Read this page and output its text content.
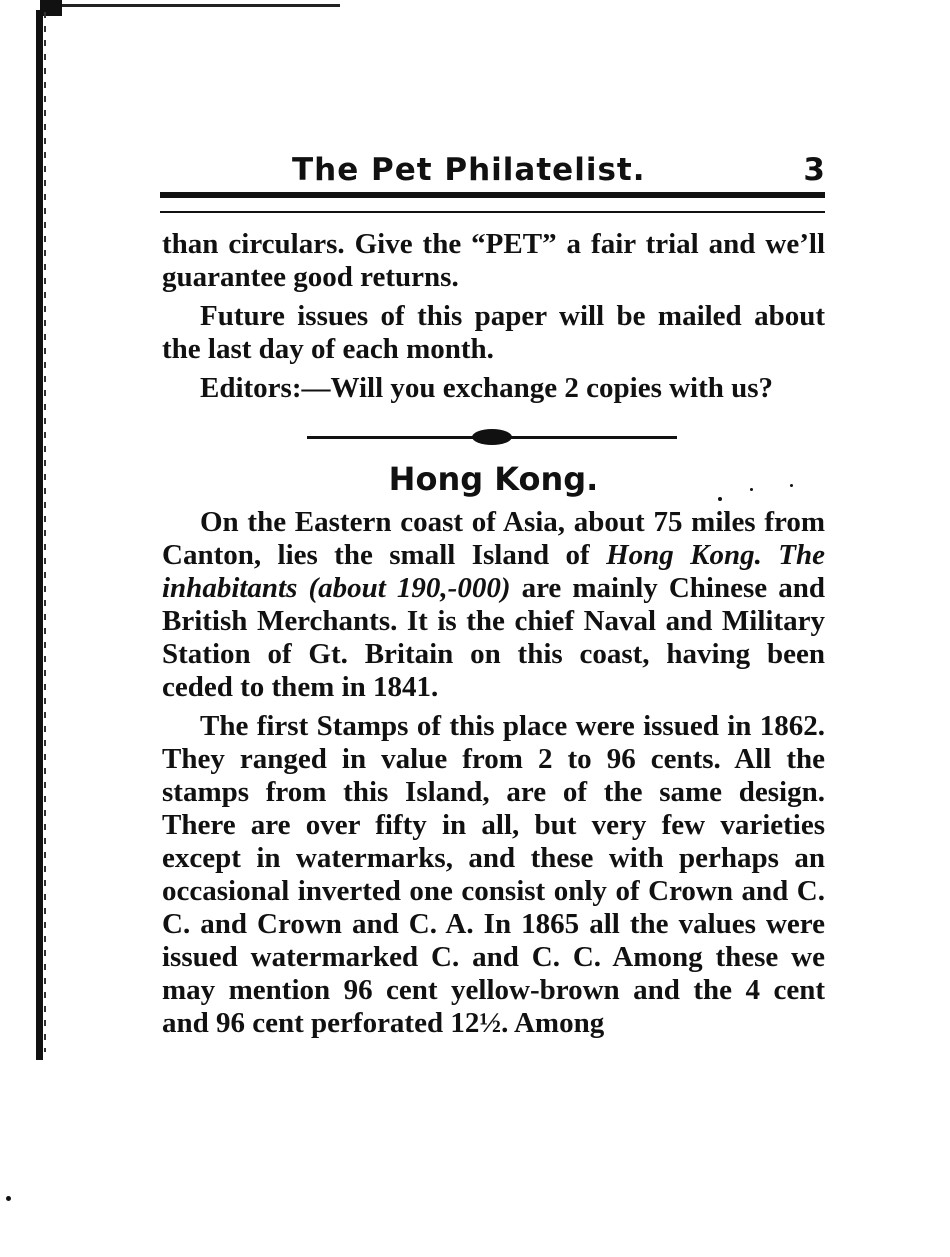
The Pet Philatelist.	3

than circulars. Give the “PET” a fair trial and we’ll guarantee good returns.

Future issues of this paper will be mailed about the last day of each month.

Editors:—Will you exchange 2 copies with us?

Hong Kong.

On the Eastern coast of Asia, about 75 miles from Canton, lies the small Island of Hong Kong. The inhabitants (about 190,-000) are mainly Chinese and British Merchants. It is the chief Naval and Military Station of Gt. Britain on this coast, having been ceded to them in 1841.

The first Stamps of this place were issued in 1862. They ranged in value from 2 to 96 cents. All the stamps from this Island, are of the same design. There are over fifty in all, but very few varieties except in watermarks, and these with perhaps an occasional inverted one consist only of Crown and C. C. and Crown and C. A. In 1865 all the values were issued watermarked C. and C. C. Among these we may mention 96 cent yellow-brown and the 4 cent and 96 cent perforated 12½. Among
